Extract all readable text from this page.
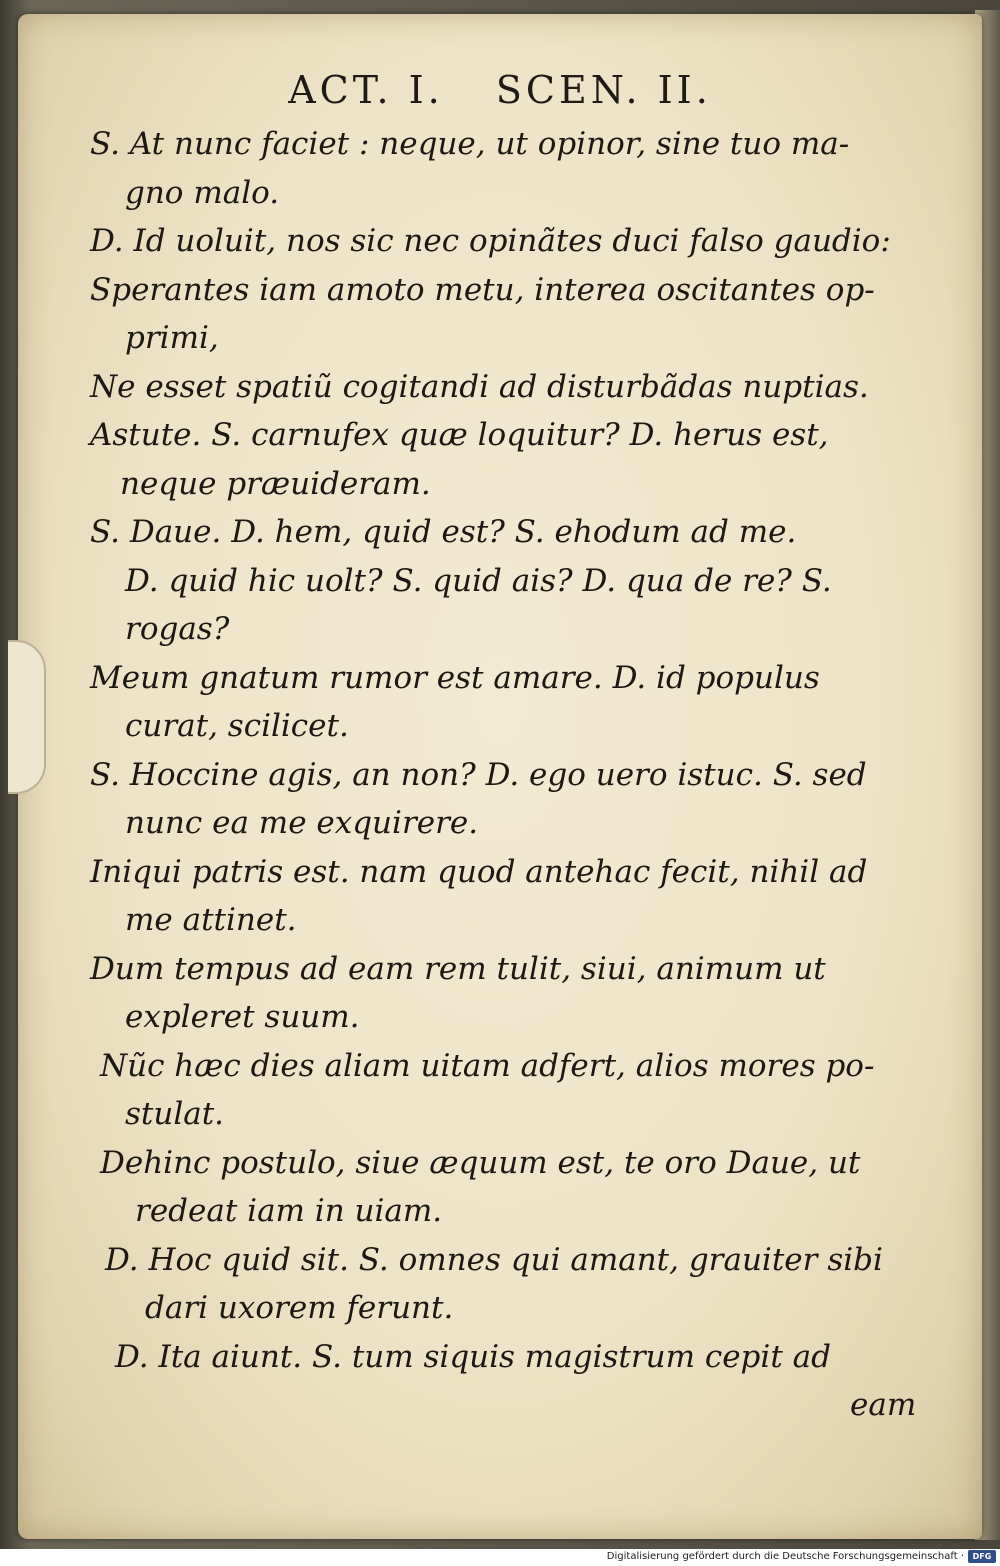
ACT. I. SCEN. II.
S. At nunc faciet : neque, ut opinor, sine tuo ma-
gno malo.
D. Id uoluit, nos sic nec opinãtes duci falso gaudio:
Sperantes iam amoto metu, interea oscitantes op-
primi,
Ne esset spatiũ cogitandi ad disturbãdas nuptias.
Astute. S. carnufex quæ loquitur? D. herus est,
neque præuideram.
S. Daue. D. hem, quid est? S. ehodum ad me.
D. quid hic uolt? S. quid ais? D. qua de re? S.
rogas?
Meum gnatum rumor est amare. D. id populus
curat, scilicet.
S. Hoccine agis, an non? D. ego uero istuc. S. sed
nunc ea me exquirere.
Iniqui patris est. nam quod antehac fecit, nihil ad
me attinet.
Dum tempus ad eam rem tulit, siui, animum ut
expleret suum.
Nũc hæc dies aliam uitam adfert, alios mores po-
stulat.
Dehinc postulo, siue æquum est, te oro Daue, ut
redeat iam in uiam.
D. Hoc quid sit. S. omnes qui amant, grauiter sibi
dari uxorem ferunt.
D. Ita aiunt. S. tum siquis magistrum cepit ad
eam
Digitalisierung gefördert durch die Deutsche Forschungsgemeinschaft ·	DFG
